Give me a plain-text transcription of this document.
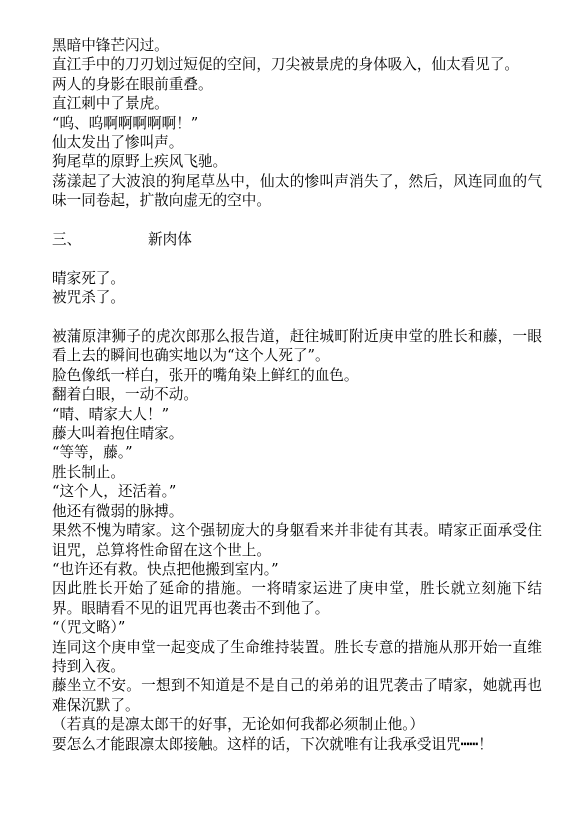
黑暗中锋芒闪过。

直江手中的刀刃划过短促的空间，刀尖被景虎的身体吸入，仙太看见了。

两人的身影在眼前重叠。

直江刺中了景虎。

“呜、呜啊啊啊啊啊！”

仙太发出了惨叫声。

狗尾草的原野上疾风飞驰。

荡漾起了大波浪的狗尾草丛中，仙太的惨叫声消失了，然后，风连同血的气味一同卷起，扩散向虚无的空中。

三、	新肉体

晴家死了。

被咒杀了。

被蒲原津狮子的虎次郎那么报告道，赶往城町附近庚申堂的胜长和藤，一眼看上去的瞬间也确实地以为“这个人死了”。

脸色像纸一样白，张开的嘴角染上鲜红的血色。

翻着白眼，一动不动。

“晴、晴家大人！”

藤大叫着抱住晴家。

“等等，藤。”

胜长制止。

“这个人，还活着。”

他还有微弱的脉搏。

果然不愧为晴家。这个强韧庞大的身躯看来并非徒有其表。晴家正面承受住诅咒，总算将性命留在这个世上。

“也许还有救。快点把他搬到室内。”

因此胜长开始了延命的措施。一将晴家运进了庚申堂，胜长就立刻施下结界。眼睛看不见的诅咒再也袭击不到他了。

“（咒文略）”

连同这个庚申堂一起变成了生命维持装置。胜长专意的措施从那开始一直维持到入夜。

藤坐立不安。一想到不知道是不是自己的弟弟的诅咒袭击了晴家，她就再也难保沉默了。

（若真的是凛太郎干的好事，无论如何我都必须制止他。）

要怎么才能跟凛太郎接触。这样的话，下次就唯有让我承受诅咒┅┅！
